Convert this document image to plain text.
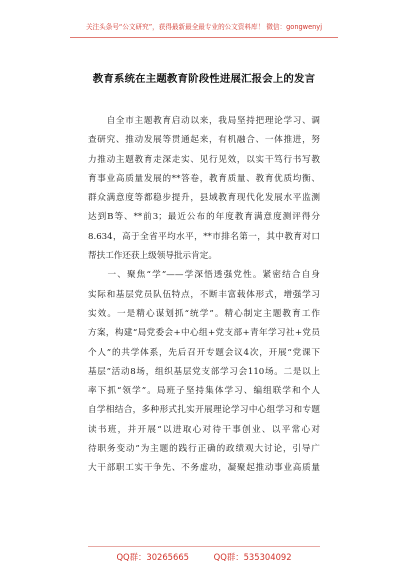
关注头条号“公文研究”，获得最新最全最专业的公文资料库！ 微信：gongwenyj
教育系统在主题教育阶段性进展汇报会上的发言
　　自全市主题教育启动以来，我局坚持把理论学习、调
查研究、推动发展等贯通起来，有机融合、一体推进，努
力推动主题教育走深走实、见行见效，以实干笃行书写教
育事业高质量发展的**答卷，教育质量、教育优质均衡、
群众满意度等都稳步提升，县域教育现代化发展水平监测
达到B等、**前3；最近公布的年度教育满意度测评得分
8.634，高于全省平均水平，**市排名第一，其中教育对口
帮扶工作还获上级领导批示肯定。
　　一、聚焦“学”——学深悟透强党性。紧密结合自身
实际和基层党员队伍特点，不断丰富载体形式，增强学习
实效。一是精心谋划抓“统学”。精心制定主题教育工作
方案，构建“局党委会+中心组+党支部+青年学习社+党员
个人”的共学体系，先后召开专题会议4次，开展“党课下
基层”活动8场，组织基层党支部学习会110场。二是以上
率下抓“领学”。局班子坚持集体学习、编组联学和个人
自学相结合，多种形式扎实开展理论学习中心组学习和专题
读书班，并开展“以进取心对待干事创业、以平常心对
待职务变动”为主题的践行正确的政绩观大讨论，引导广
大干部职工实干争先、不务虚功，凝聚起推动事业高质量
QQ群：30265665	QQ群：535304092
